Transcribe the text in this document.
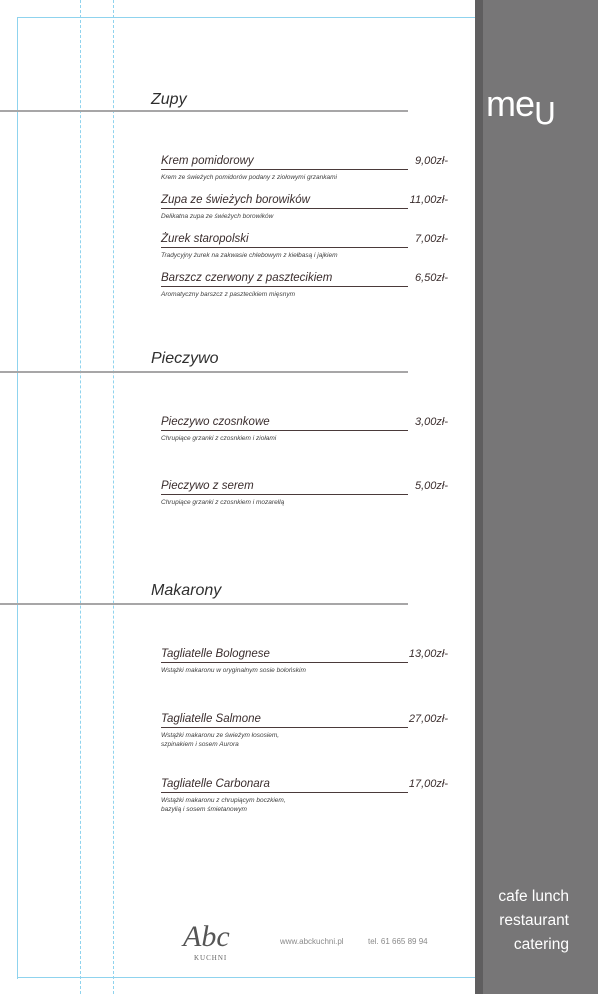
$me_ᑌ$
cafe lunch
restaurant
catering
Zupy
Krem pomidorowy	9,00zł-
Krem ze świeżych pomidorów podany z ziołowymi grzankami
Zupa ze świeżych borowików	11,00zł-
Delikatna zupa ze świeżych borowików
Żurek staropolski	7,00zł-
Tradycyjny żurek na zakwasie chlebowym z kiełbasą i jajkiem
Barszcz czerwony z pasztecikiem	6,50zł-
Aromatyczny barszcz z pasztecikiem mięsnym
Pieczywo
Pieczywo czosnkowe	3,00zł-
Chrupiące grzanki z czosnkiem i ziołami
Pieczywo z serem	5,00zł-
Chrupiące grzanki z czosnkiem i mozarellą
Makarony
Tagliatelle Bolognese	13,00zł-
Wstążki makaronu w oryginalnym sosie bolońskim
Tagliatelle Salmone	27,00zł-
Wstążki makaronu ze świeżym łososiem,
szpinakiem i sosem Aurora
Tagliatelle Carbonara	17,00zł-
Wstążki makaronu z chrupiącym boczkiem,
bazylią i sosem śmietanowym
Abc
KUCHNI
www.abckuchni.pl	tel. 61 665 89 94
